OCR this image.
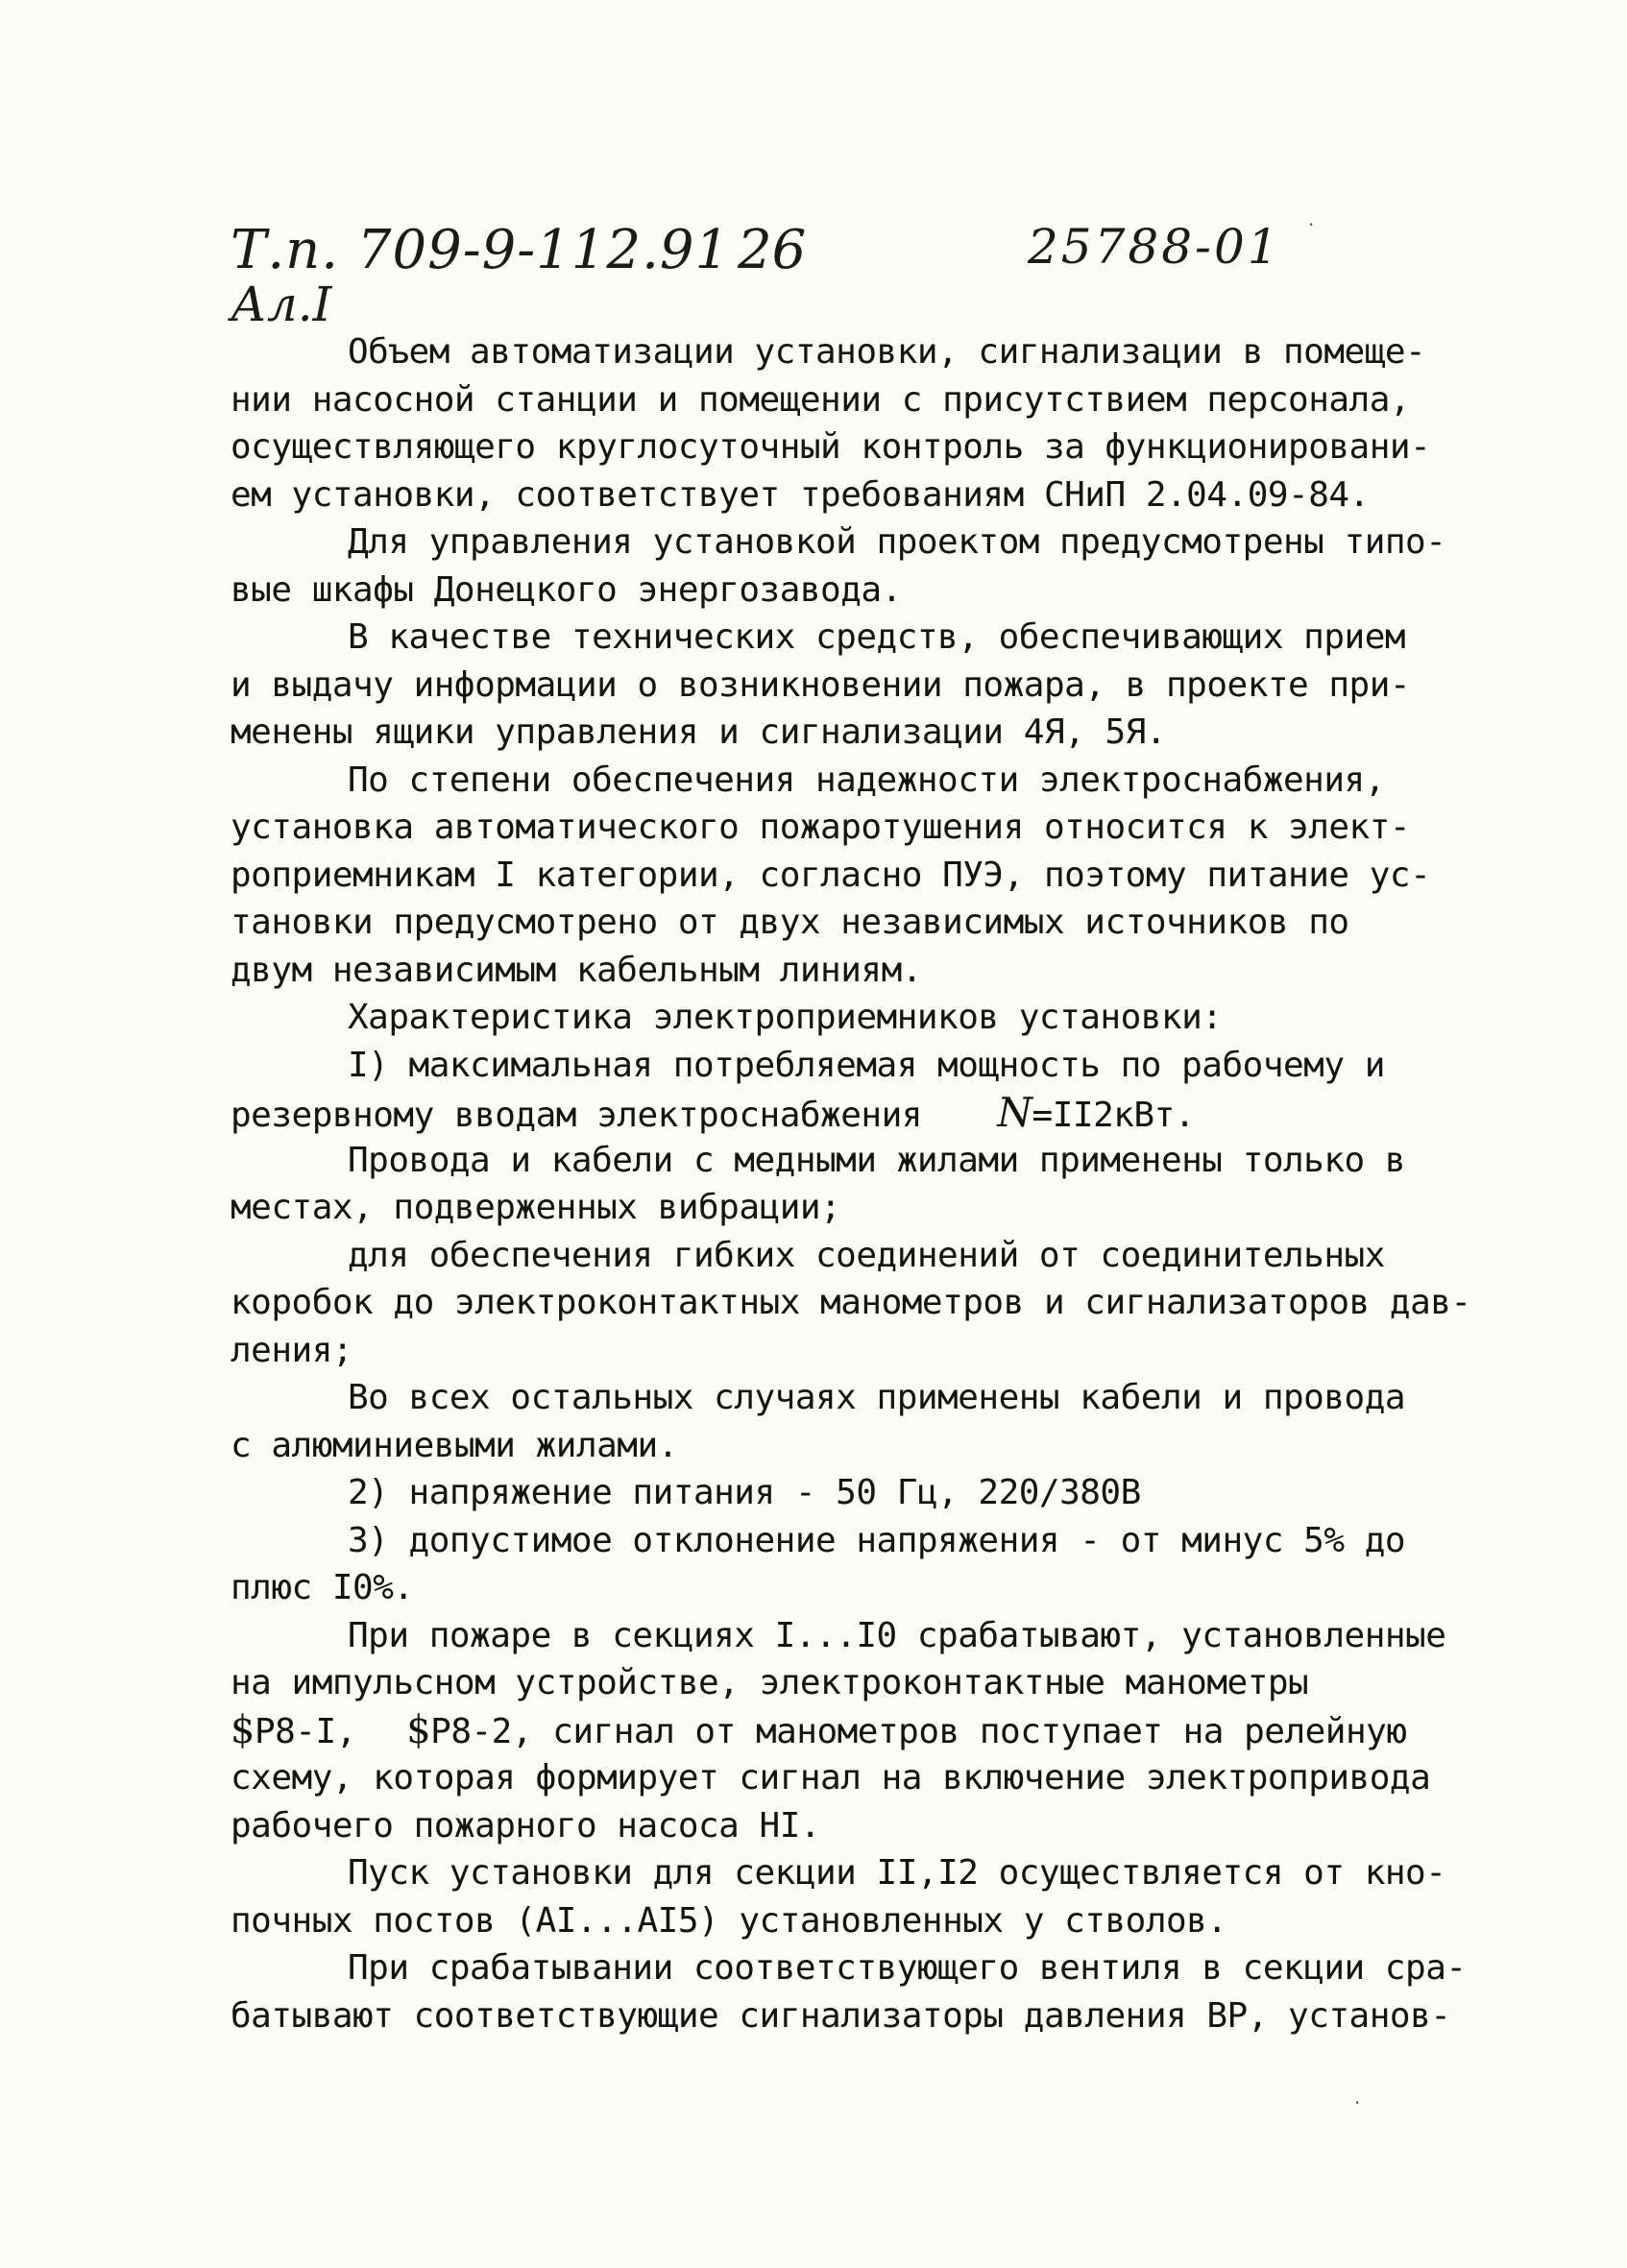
Т.п. 709-9-112.91 26	25788-01
Ал.I
·
Объем автоматизации установки, сигнализации в помеще-
нии насосной станции и помещении с присутствием персонала,
осуществляющего круглосуточный контроль за функционировани-
ем установки, соответствует требованиям СНиП 2.04.09-84.
Для управления установкой проектом предусмотрены типо-
вые шкафы Донецкого энергозавода.
В качестве технических средств, обеспечивающих прием
и выдачу информации о возникновении пожара, в проекте при-
менены ящики управления и сигнализации 4Я, 5Я.
По степени обеспечения надежности электроснабжения,
установка автоматического пожаротушения относится к элект-
роприемникам I категории, согласно ПУЭ, поэтому питание ус-
тановки предусмотрено от двух независимых источников по
двум независимым кабельным линиям.
Характеристика электроприемников установки:
I) максимальная потребляемая мощность по рабочему и
резервному вводам электроснабжения N=II2кВт.
Провода и кабели с медными жилами применены только в
местах, подверженных вибрации;
для обеспечения гибких соединений от соединительных
коробок до электроконтактных манометров и сигнализаторов дав-
ления;
Во всех остальных случаях применены кабели и провода
с алюминиевыми жилами.
2) напряжение питания - 50 Гц, 220/380В
3) допустимое отклонение напряжения - от минус 5% до
плюс I0%.
При пожаре в секциях I...I0 срабатывают, установленные
на импульсном устройстве, электроконтактные манометры
$Р8-I, $Р8-2, сигнал от манометров поступает на релейную
схему, которая формирует сигнал на включение электропривода
рабочего пожарного насоса НI.
Пуск установки для секции II,I2 осуществляется от кно-
почных постов (АI...АI5) установленных у стволов.
При срабатывании соответствующего вентиля в секции сра-
батывают соответствующие сигнализаторы давления ВР, установ-
·
